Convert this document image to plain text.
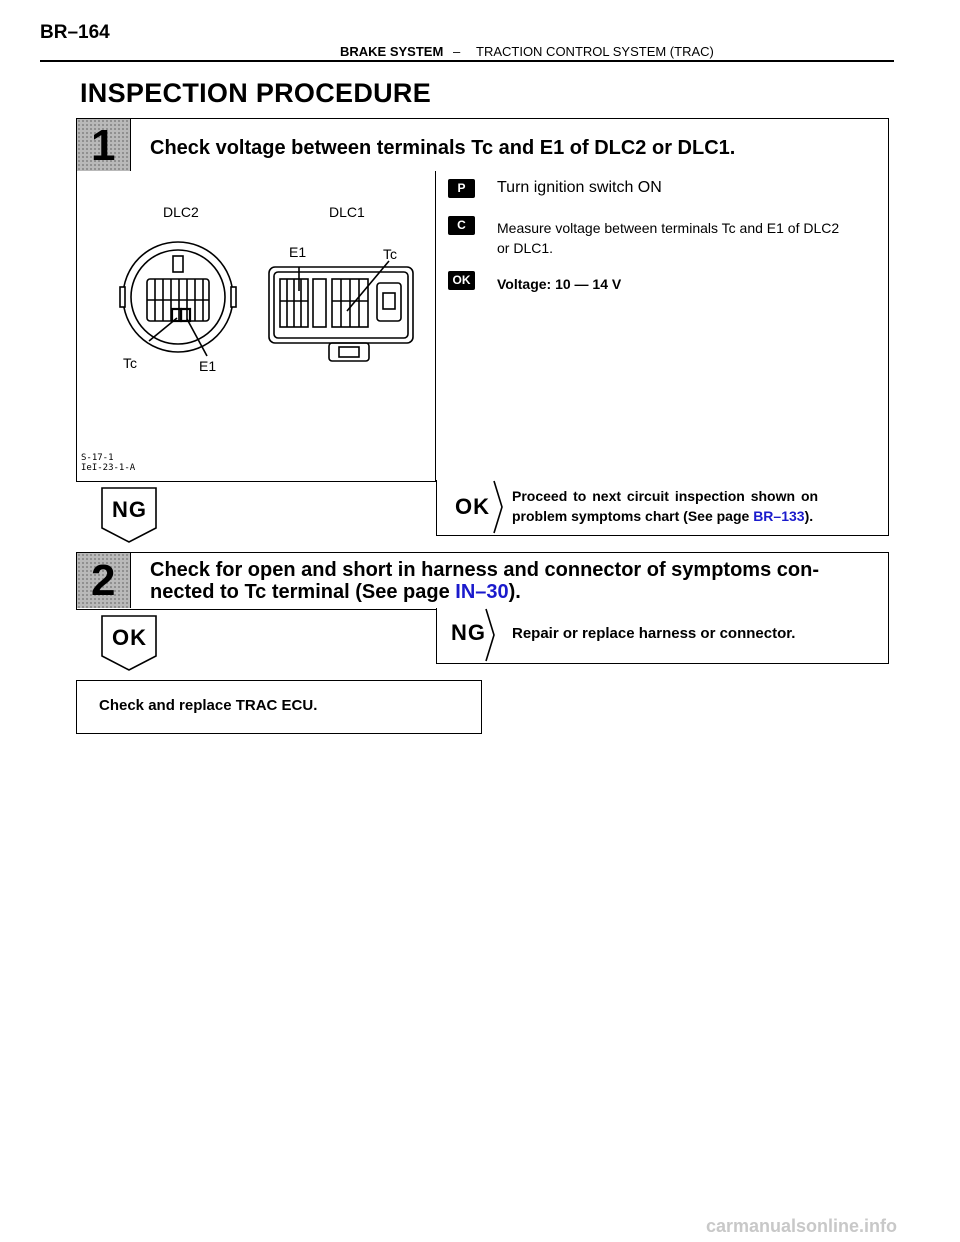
BR–164
BRAKE SYSTEM – TRACTION CONTROL SYSTEM (TRAC)
INSPECTION PROCEDURE
1 Check voltage between terminals Tc and E1 of DLC2 or DLC1.
DLC2	DLC1
Tc	E1
E1	Tc
S-17-1
IeI-23-1-A
P	Turn ignition switch ON
C	Measure voltage between terminals Tc and E1 of DLC2
or DLC1.
OK	Voltage: 10 — 14 V
NG	OK Proceed to next circuit inspection shown on
problem symptoms chart (See page BR–133).
2 Check for open and short in harness and connector of symptoms con-
nected to Tc terminal (See page IN–30).
OK	NG Repair or replace harness or connector.
Check and replace TRAC ECU.
carmanualsonline.info
